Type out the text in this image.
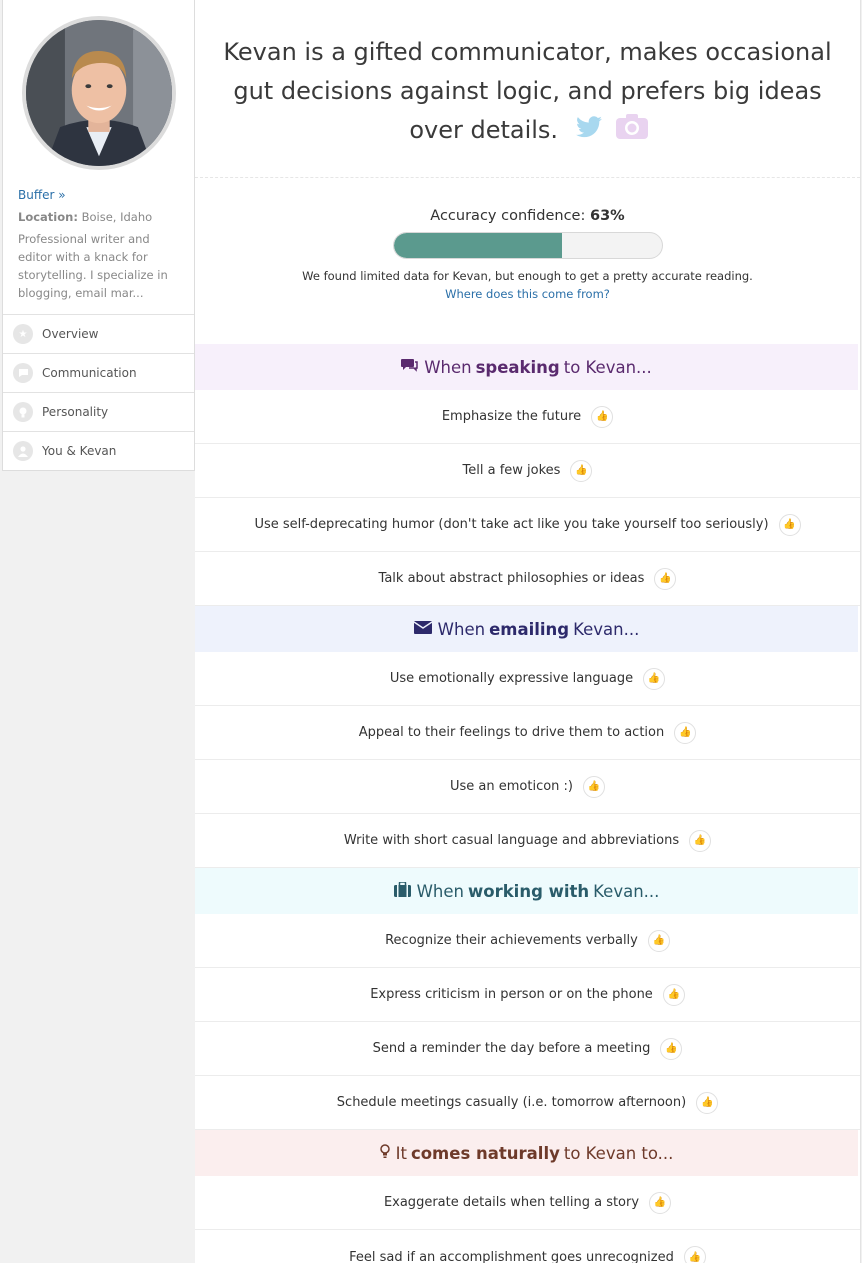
Buffer »
Location: Boise, Idaho
Professional writer and editor with a knack for storytelling. I specialize in blogging, email mar...
★	Overview
Communication
Personality
You & Kevan
Kevan is a gifted communicator, makes occasional gut decisions against logic, and prefers big ideas over details.
Accuracy confidence: 63%
We found limited data for Kevan, but enough to get a pretty accurate reading.
Where does this come from?
When speaking to Kevan...
Emphasize the future	👍
Tell a few jokes	👍
Use self-deprecating humor (don't take act like you take yourself too seriously)	👍
Talk about abstract philosophies or ideas	👍
When emailing Kevan...
Use emotionally expressive language	👍
Appeal to their feelings to drive them to action	👍
Use an emoticon :)	👍
Write with short casual language and abbreviations	👍
When working with Kevan...
Recognize their achievements verbally	👍
Express criticism in person or on the phone	👍
Send a reminder the day before a meeting	👍
Schedule meetings casually (i.e. tomorrow afternoon)	👍
It comes naturally to Kevan to...
Exaggerate details when telling a story	👍
Feel sad if an accomplishment goes unrecognized	👍
